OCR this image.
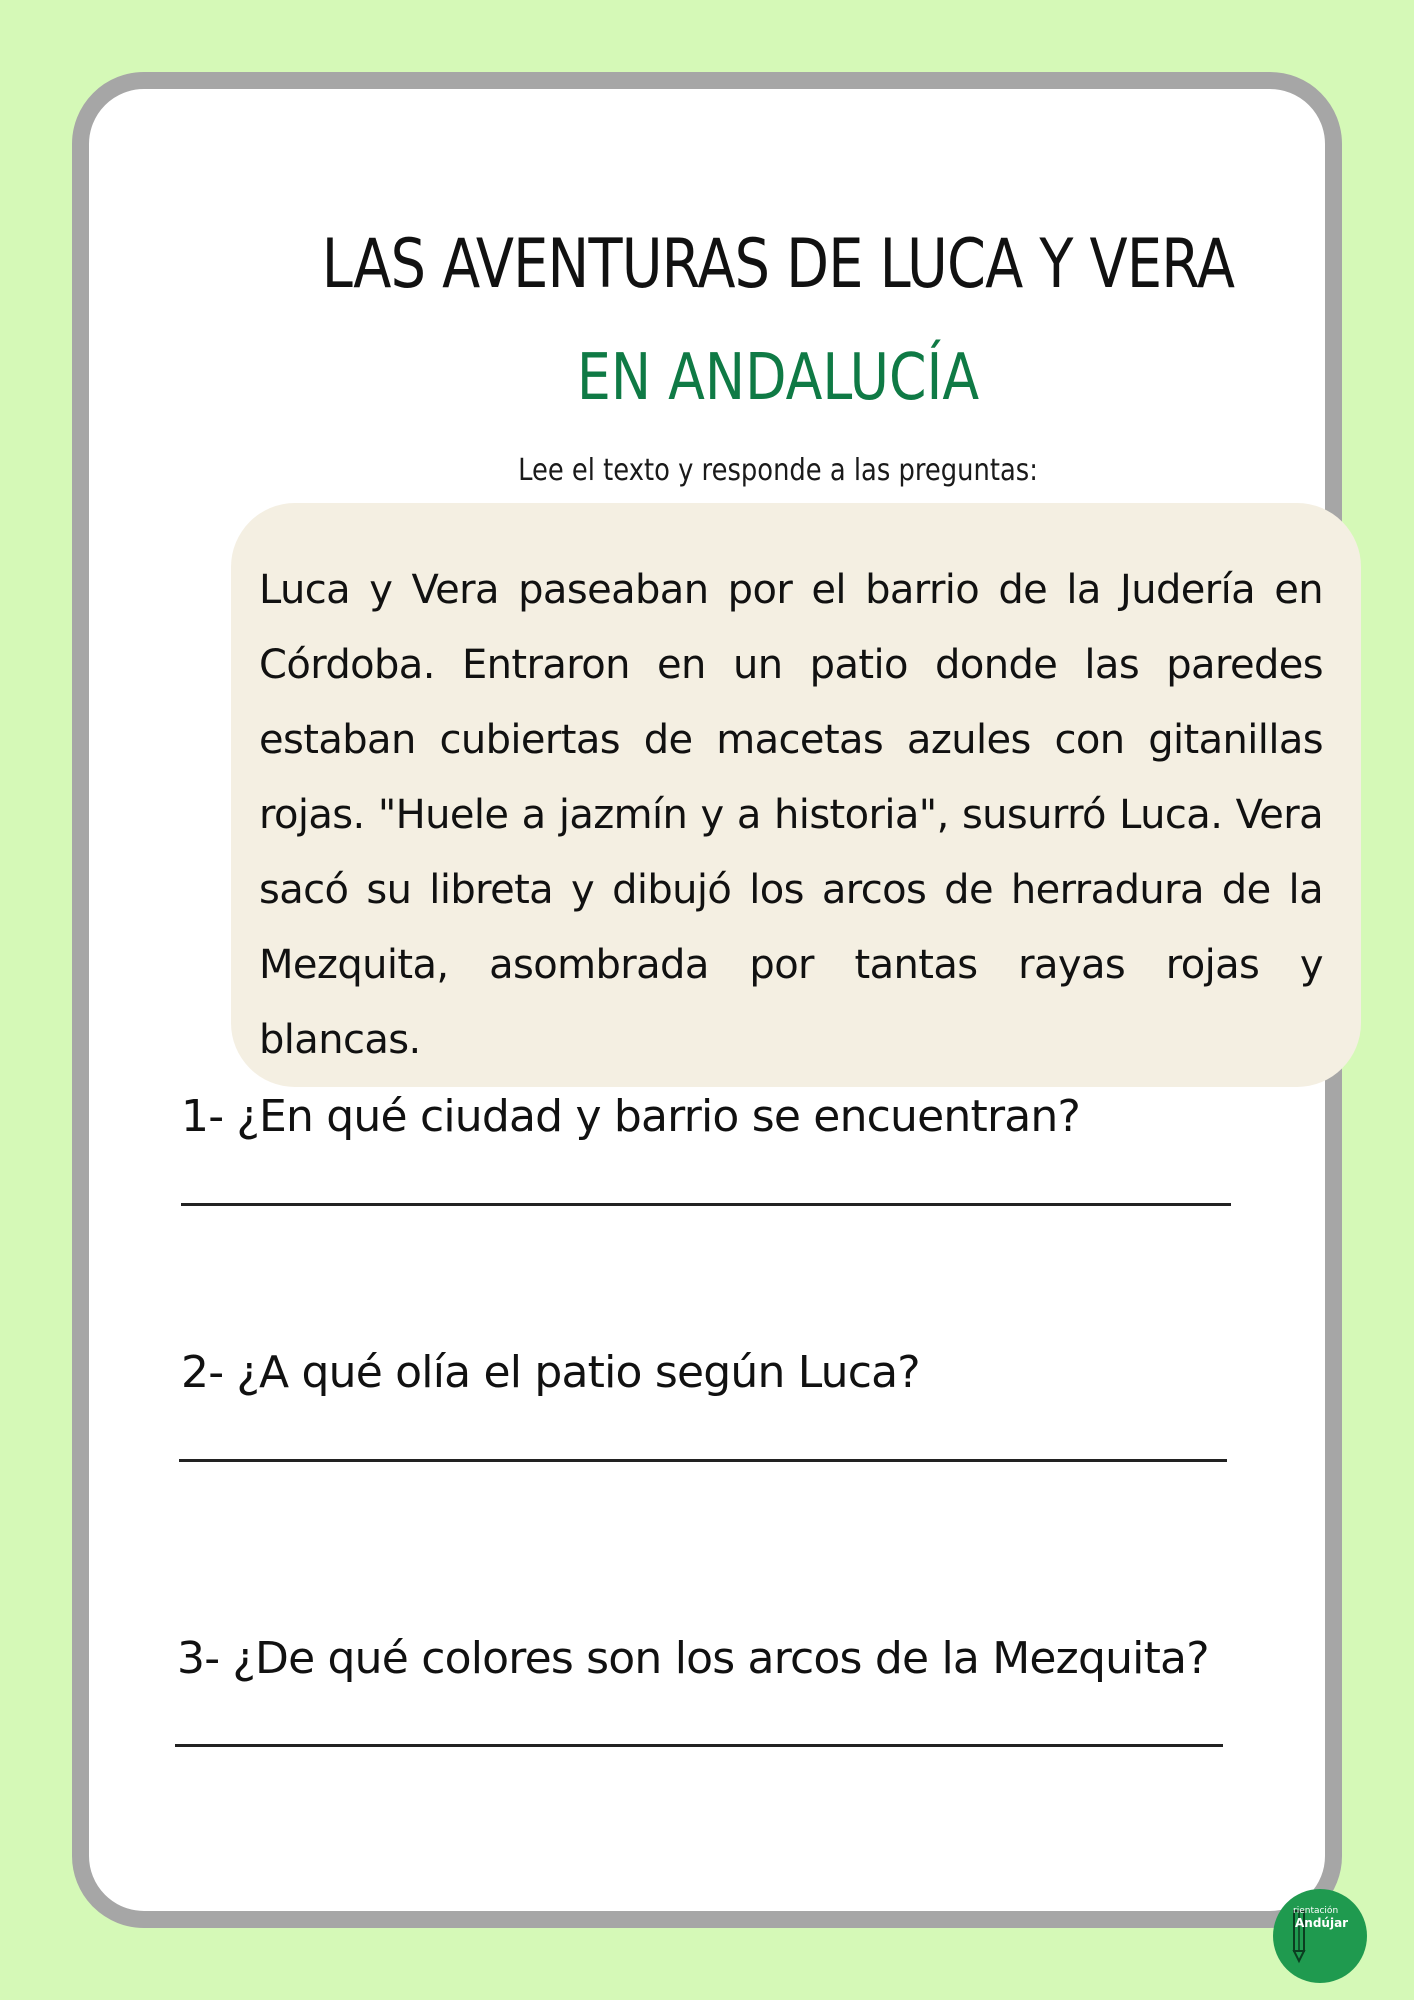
LAS AVENTURAS DE LUCA Y VERA
EN ANDALUCÍA
Lee el texto y responde a las preguntas:

Luca y Vera paseaban por el barrio de la Judería en Córdoba. Entraron en un patio donde las paredes estaban cubiertas de macetas azules con gitanillas rojas. "Huele a jazmín y a historia", susurró Luca. Vera sacó su libreta y dibujó los arcos de herradura de la Mezquita, asombrada por tantas rayas rojas y blancas.

1- ¿En qué ciudad y barrio se encuentran?
2- ¿A qué olía el patio según Luca?
3- ¿De qué colores son los arcos de la Mezquita?
rientación
Andújar
